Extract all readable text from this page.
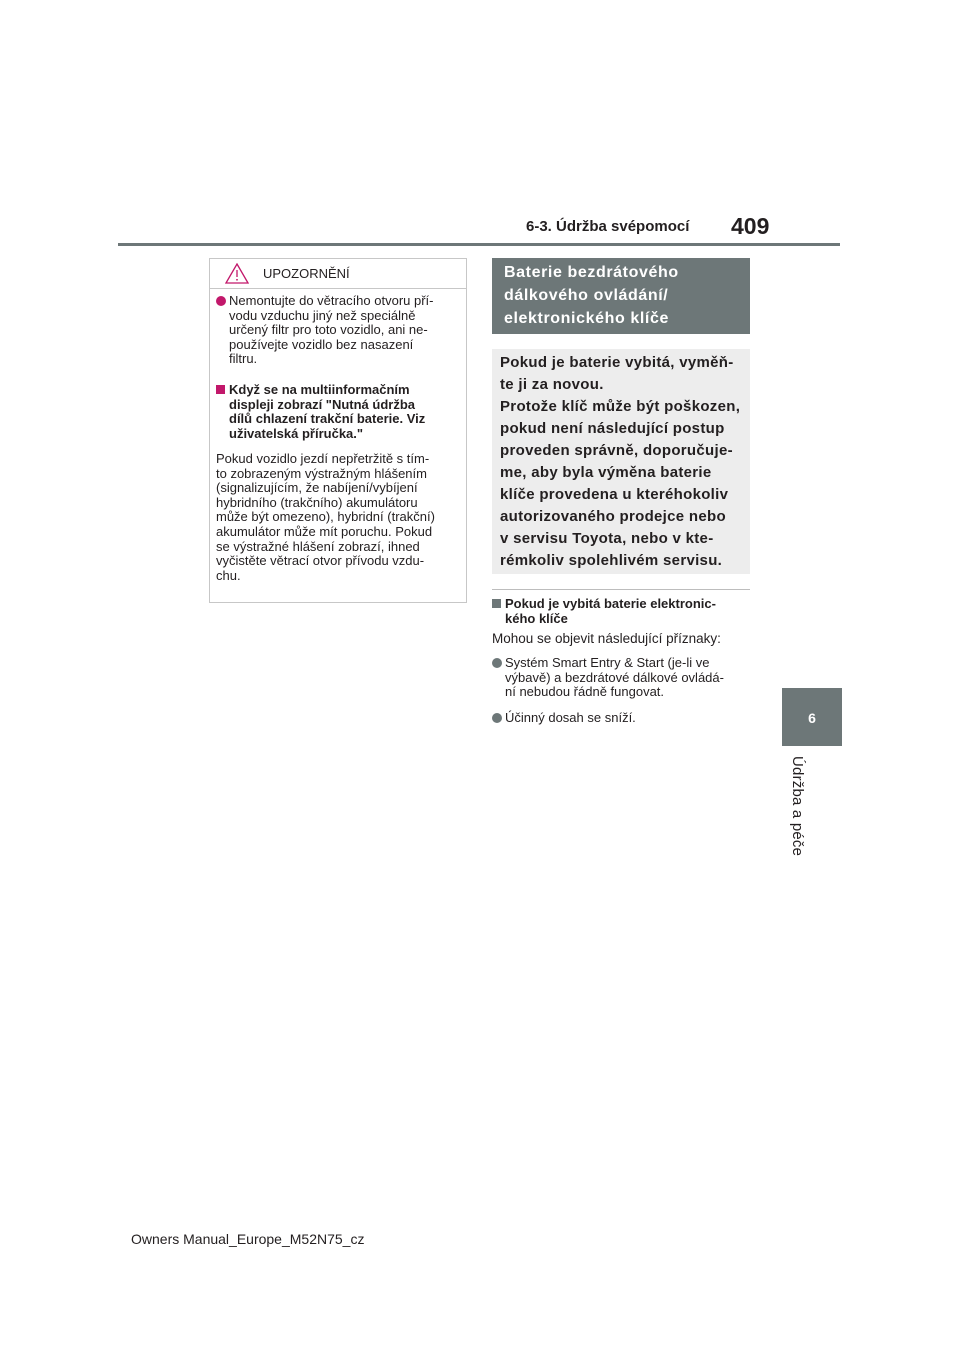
6-3. Údržba svépomocí 409
6
Údržba a péče
UPOZORNĚNÍ
Nemontujte do větracího otvoru pří-
vodu vzduchu jiný než speciálně
určený filtr pro toto vozidlo, ani ne-
používejte vozidlo bez nasazení
filtru.
Když se na multiinformačním
displeji zobrazí "Nutná údržba
dílů chlazení trakční baterie. Viz
uživatelská příručka."
Pokud vozidlo jezdí nepřetržitě s tím-
to zobrazeným výstražným hlášením
(signalizujícím, že nabíjení/vybíjení
hybridního (trakčního) akumulátoru
může být omezeno), hybridní (trakční)
akumulátor může mít poruchu. Pokud
se výstražné hlášení zobrazí, ihned
vyčistěte větrací otvor přívodu vzdu-
chu.
Baterie bezdrátového
dálkového ovládání/
elektronického klíče
Pokud je baterie vybitá, vyměň-
te ji za novou.
Protože klíč může být poškozen,
pokud není následující postup
proveden správně, doporučuje-
me, aby byla výměna baterie
klíče provedena u kteréhokoliv
autorizovaného prodejce nebo
v servisu Toyota, nebo v kte-
rémkoliv spolehlivém servisu.
Pokud je vybitá baterie elektronic-
kého klíče
Mohou se objevit následující příznaky:
Systém Smart Entry & Start (je-li ve
výbavě) a bezdrátové dálkové ovládá-
ní nebudou řádně fungovat.
Účinný dosah se sníží.
Owners Manual_Europe_M52N75_cz
